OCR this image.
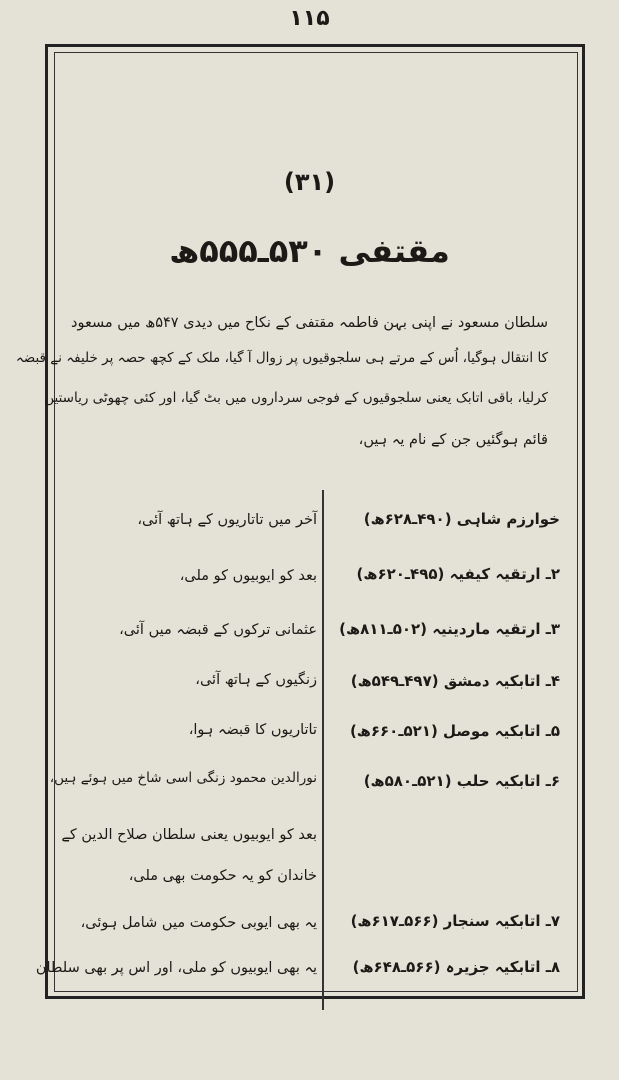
۱۱۵
(۳۱)
مقتفی ۵۳۰ـ۵۵۵ھ
سلطان مسعود نے اپنی بہن فاطمہ مقتفی کے نکاح میں دیدی ۵۴۷ھ میں مسعود
کا انتقال ہوگیا، اُس کے مرتے ہی سلجوقیوں پر زوال آ گیا، ملک کے کچھ حصہ پر خلیفہ نے قبضہ
کرلیا، باقی اتابک یعنی سلجوقیوں کے فوجی سرداروں میں بٹ گیا، اور کئی چھوٹی ریاستیں
قائم ہوگئیں جن کے نام یہ ہیں،
خوارزم شاہی (۴۹۰ـ۶۲۸ھ)
۲ـ ارتقیہ کیفیہ (۴۹۵ـ۶۲۰ھ)
۳ـ ارتقیہ ماردینیہ (۵۰۲ـ۸۱۱ھ)
۴ـ اتابکیہ دمشق (۴۹۷ـ۵۴۹ھ)
۵ـ اتابکیہ موصل (۵۲۱ـ۶۶۰ھ)
۶ـ اتابکیہ حلب (۵۲۱ـ۵۸۰ھ)
۷ـ اتابکیہ سنجار (۵۶۶ـ۶۱۷ھ)
۸ـ اتابکیہ جزیرہ (۵۶۶ـ۶۴۸ھ)
آخر میں تاتاریوں کے ہاتھ آئی،
بعد کو ایوبیوں کو ملی،
عثمانی ترکوں کے قبضہ میں آئی،
زنگیوں کے ہاتھ آئی،
تاتاریوں کا قبضہ ہوا،
نورالدین محمود زنگی اسی شاخ میں ہوئے ہیں،
بعد کو ایوبیوں یعنی سلطان صلاح الدین کے
خاندان کو یہ حکومت بھی ملی،
یہ بھی ایوبی حکومت میں شامل ہوئی،
یہ بھی ایوبیوں کو ملی، اور اس پر بھی سلطان
